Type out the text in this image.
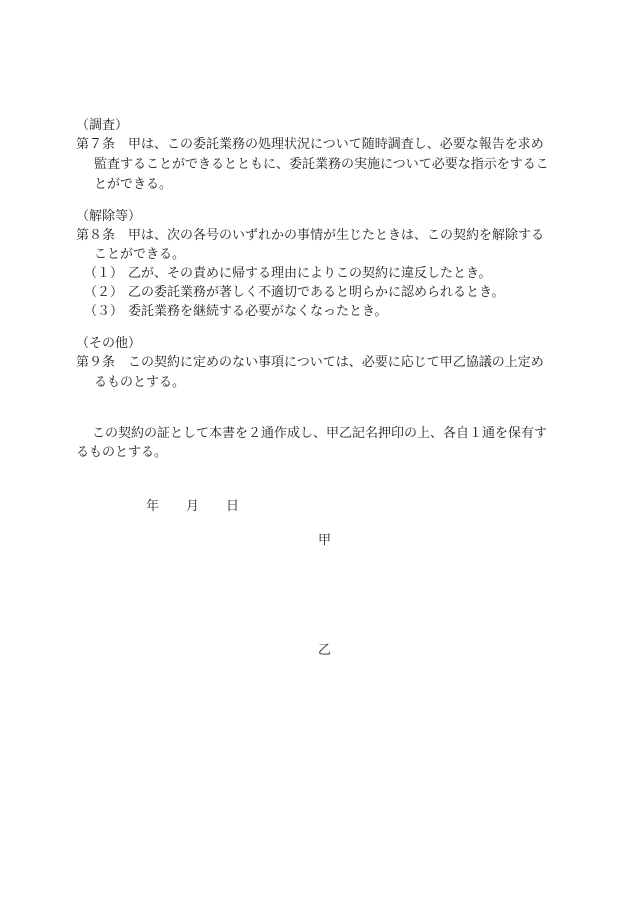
（調査）
第７条　甲は、この委託業務の処理状況について随時調査し、必要な報告を求め
監査することができるとともに、委託業務の実施について必要な指示をするこ
とができる。
（解除等）
第８条　甲は、次の各号のいずれかの事情が生じたときは、この契約を解除する
ことができる。
（１） 乙が、その責めに帰する理由によりこの契約に違反したとき。
（２） 乙の委託業務が著しく不適切であると明らかに認められるとき。
（３） 委託業務を継続する必要がなくなったとき。
（その他）
第９条　この契約に定めのない事項については、必要に応じて甲乙協議の上定め
るものとする。
この契約の証として本書を２通作成し、甲乙記名押印の上、各自１通を保有す
るものとする。
年 月 日
甲
乙
